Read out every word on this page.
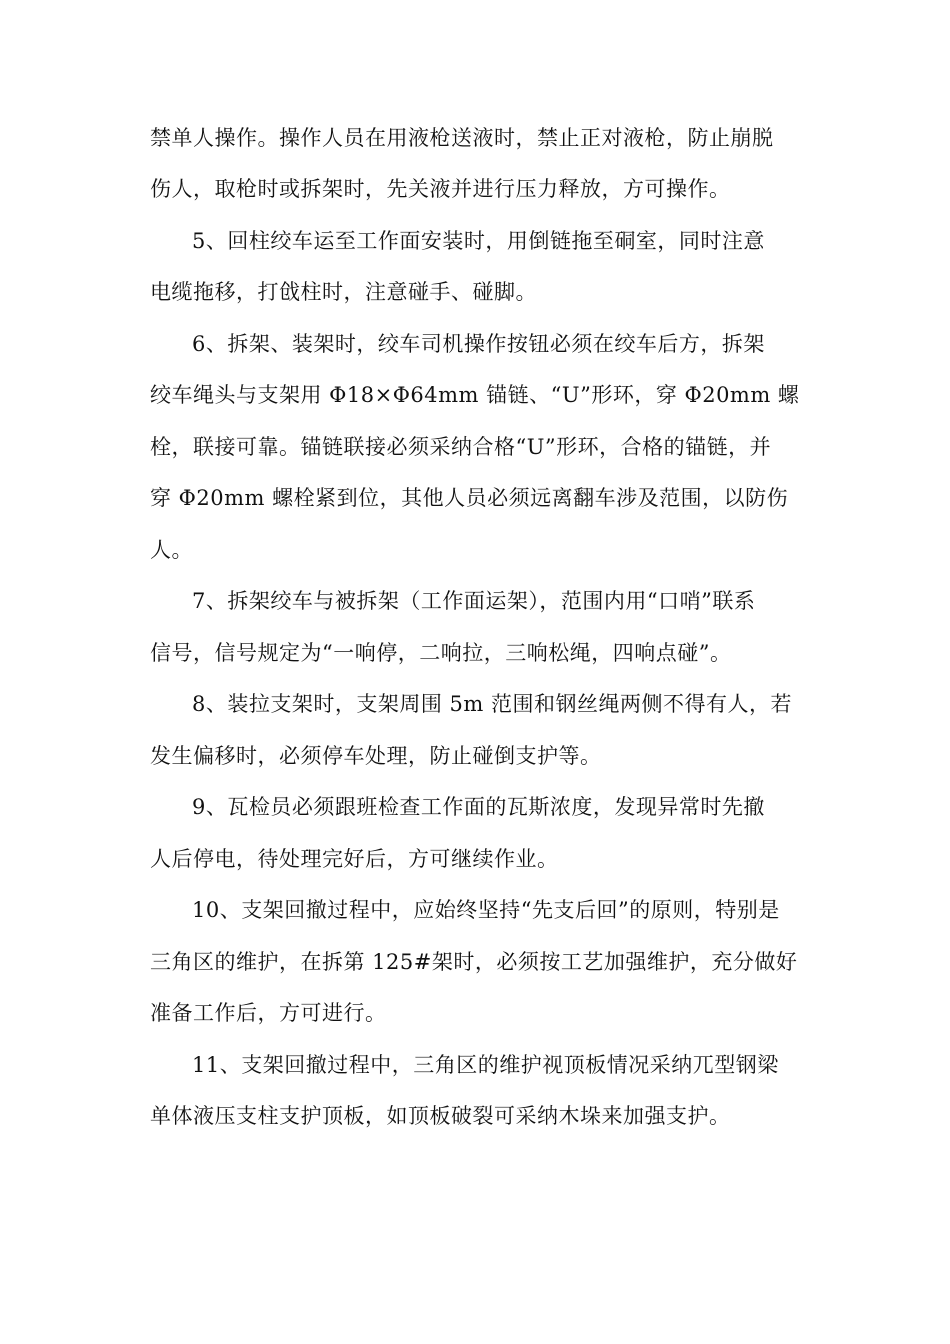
禁单人操作。操作人员在用液枪送液时，禁止正对液枪，防止崩脱
伤人，取枪时或拆架时，先关液并进行压力释放，方可操作。
5、回柱绞车运至工作面安装时，用倒链拖至硐室，同时注意
电缆拖移，打戗柱时，注意碰手、碰脚。
6、拆架、装架时，绞车司机操作按钮必须在绞车后方，拆架
绞车绳头与支架用 Φ18×Φ64mm 锚链、“U”形环，穿 Φ20mm 螺
栓，联接可靠。锚链联接必须采纳合格“U”形环，合格的锚链，并
穿 Φ20mm 螺栓紧到位，其他人员必须远离翻车涉及范围，以防伤
人。
7、拆架绞车与被拆架（工作面运架），范围内用“口哨”联系
信号，信号规定为“一响停，二响拉，三响松绳，四响点碰”。
8、装拉支架时，支架周围 5m 范围和钢丝绳两侧不得有人，若
发生偏移时，必须停车处理，防止碰倒支护等。
9、瓦检员必须跟班检查工作面的瓦斯浓度，发现异常时先撤
人后停电，待处理完好后，方可继续作业。
10、支架回撤过程中，应始终坚持“先支后回”的原则，特别是
三角区的维护，在拆第 125#架时，必须按工艺加强维护，充分做好
准备工作后，方可进行。
11、支架回撤过程中，三角区的维护视顶板情况采纳兀型钢梁
单体液压支柱支护顶板，如顶板破裂可采纳木垛来加强支护。
